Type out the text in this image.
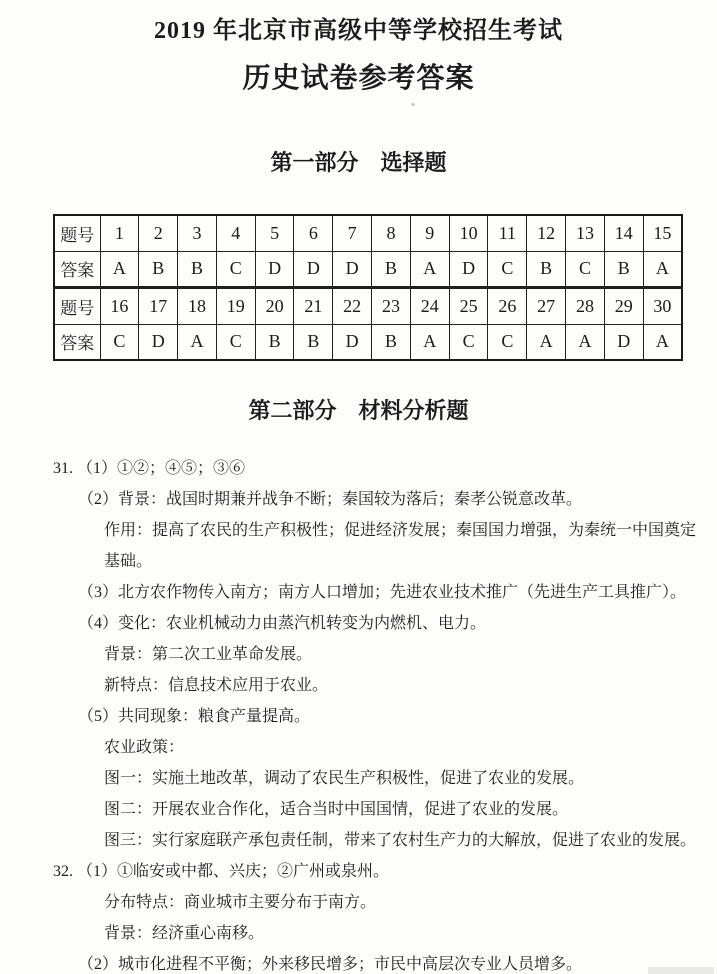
2019 年北京市高级中等学校招生考试
历史试卷参考答案
第一部分　选择题
题号	1	2	3	4	5	6	7	8	9	10	11	12	13	14	15
答案	A	B	B	C	D	D	D	B	A	D	C	B	C	B	A
题号	16	17	18	19	20	21	22	23	24	25	26	27	28	29	30
答案	C	D	A	C	B	B	D	B	A	C	C	A	A	D	A
第二部分　材料分析题
31. （1）①②；④⑤；③⑥
（2）背景：战国时期兼并战争不断；秦国较为落后；秦孝公锐意改革。
作用：提高了农民的生产积极性；促进经济发展；秦国国力增强，为秦统一中国奠定
基础。
（3）北方农作物传入南方；南方人口增加；先进农业技术推广（先进生产工具推广）。
（4）变化：农业机械动力由蒸汽机转变为内燃机、电力。
背景：第二次工业革命发展。
新特点：信息技术应用于农业。
（5）共同现象：粮食产量提高。
农业政策：
图一：实施土地改革，调动了农民生产积极性，促进了农业的发展。
图二：开展农业合作化，适合当时中国国情，促进了农业的发展。
图三：实行家庭联产承包责任制，带来了农村生产力的大解放，促进了农业的发展。
32. （1）①临安或中都、兴庆；②广州或泉州。
分布特点：商业城市主要分布于南方。
背景：经济重心南移。
（2）城市化进程不平衡；外来移民增多；市民中高层次专业人员增多。
